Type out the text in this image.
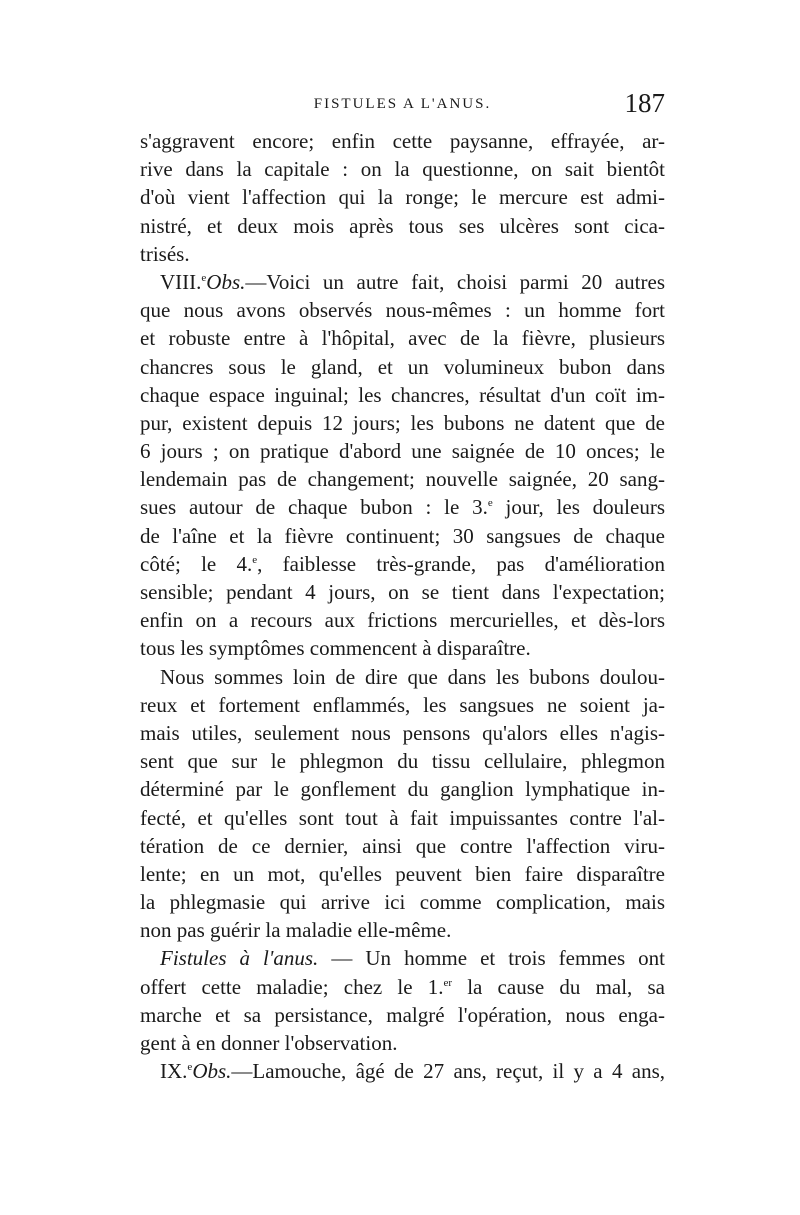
FISTULES A L'ANUS.	187
s'aggravent encore; enfin cette paysanne, effrayée, ar-
rive dans la capitale : on la questionne, on sait bientôt
d'où vient l'affection qui la ronge; le mercure est admi-
nistré, et deux mois après tous ses ulcères sont cica-
trisés.
VIII.$^e$Obs.—Voici un autre fait, choisi parmi 20 autres
que nous avons observés nous-mêmes : un homme fort
et robuste entre à l'hôpital, avec de la fièvre, plusieurs
chancres sous le gland, et un volumineux bubon dans
chaque espace inguinal; les chancres, résultat d'un coït im-
pur, existent depuis 12 jours; les bubons ne datent que de
6 jours ; on pratique d'abord une saignée de 10 onces; le
lendemain pas de changement; nouvelle saignée, 20 sang-
sues autour de chaque bubon : le 3.$^e$ jour, les douleurs
de l'aîne et la fièvre continuent; 30 sangsues de chaque
côté; le 4.$^e$, faiblesse très-grande, pas d'amélioration
sensible; pendant 4 jours, on se tient dans l'expectation;
enfin on a recours aux frictions mercurielles, et dès-lors
tous les symptômes commencent à disparaître.
Nous sommes loin de dire que dans les bubons doulou-
reux et fortement enflammés, les sangsues ne soient ja-
mais utiles, seulement nous pensons qu'alors elles n'agis-
sent que sur le phlegmon du tissu cellulaire, phlegmon
déterminé par le gonflement du ganglion lymphatique in-
fecté, et qu'elles sont tout à fait impuissantes contre l'al-
tération de ce dernier, ainsi que contre l'affection viru-
lente; en un mot, qu'elles peuvent bien faire disparaître
la phlegmasie qui arrive ici comme complication, mais
non pas guérir la maladie elle-même.
Fistules à l'anus. — Un homme et trois femmes ont
offert cette maladie; chez le 1.$^{er}$ la cause du mal, sa
marche et sa persistance, malgré l'opération, nous enga-
gent à en donner l'observation.
IX.$^e$Obs.—Lamouche, âgé de 27 ans, reçut, il y a 4 ans,
